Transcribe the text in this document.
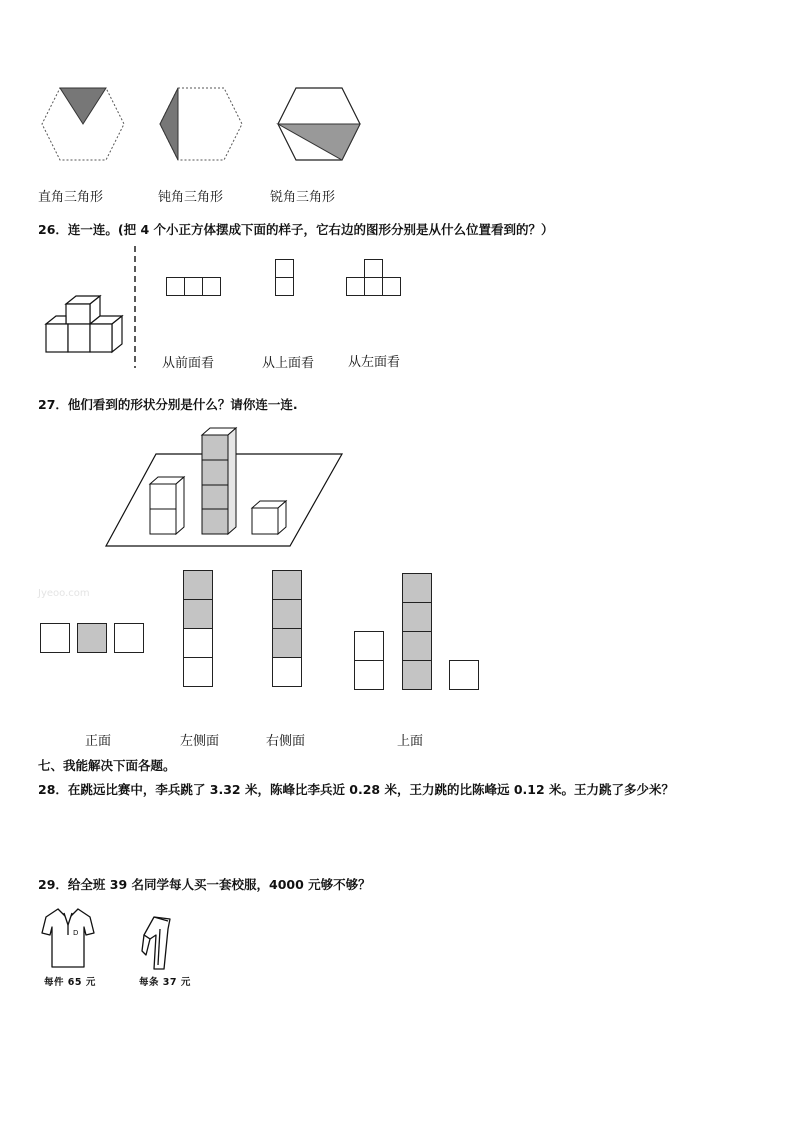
直角三角形	钝角三角形	锐角三角形
26．连一连。(把 4 个小正方体摆成下面的样子，它右边的图形分别是从什么位置看到的？）
从前面看	从上面看	从左面看
27．他们看到的形状分别是什么？请你连一连.
Jyeoo.com
正面	左侧面	右侧面	上面
七、我能解决下面各题。
28．在跳远比赛中，李兵跳了 3.32 米，陈峰比李兵近 0.28 米，王力跳的比陈峰远 0.12 米。王力跳了多少米？
29．给全班 39 名同学每人买一套校服，4000 元够不够？
D
每件 65 元	每条 37 元
